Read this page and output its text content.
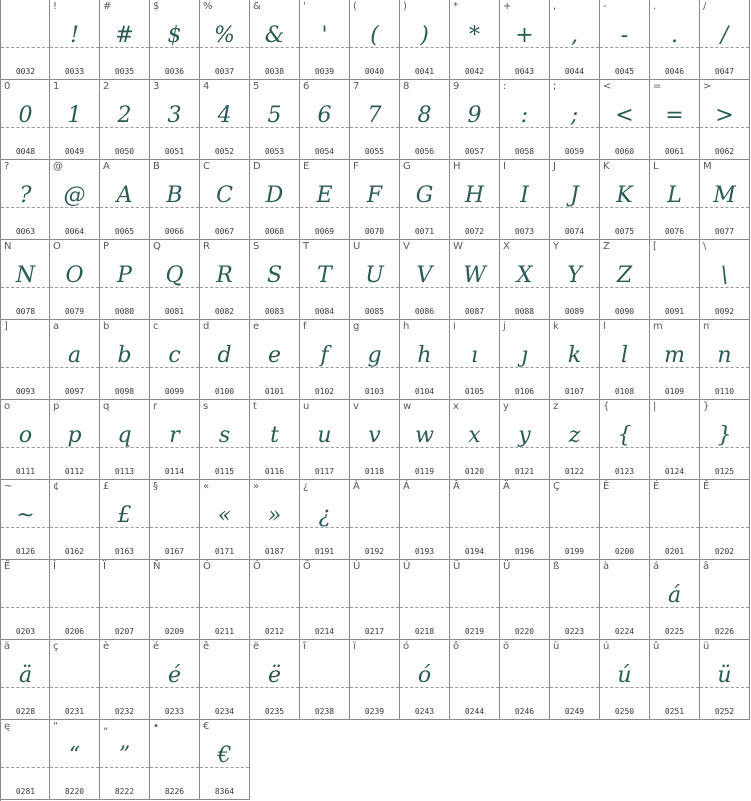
0032
!
!
0033
#
#
0035
$
$
0036
%
%
0037
&
&
0038
'
'
0039
(
(
0040
)
)
0041
*
*
0042
+
+
0043
,
,
0044
-
-
0045
.
.
0046
/
/
0047
0
0
0048
1
1
0049
2
2
0050
3
3
0051
4
4
0052
5
5
0053
6
6
0054
7
7
0055
8
8
0056
9
9
0057
:
:
0058
;
;
0059
<
<
0060
=
=
0061
>
>
0062
?
?
0063
@
@
0064
A
A
0065
B
B
0066
C
C
0067
D
D
0068
E
E
0069
F
F
0070
G
G
0071
H
H
0072
I
I
0073
J
J
0074
K
K
0075
L
L
0076
M
M
0077
N
N
0078
O
O
0079
P
P
0080
Q
Q
0081
R
R
0082
S
S
0083
T
T
0084
U
U
0085
V
V
0086
W
W
0087
X
X
0088
Y
Y
0089
Z
Z
0090
[
0091
\
\
0092
]
0093
a
a
0097
b
b
0098
c
c
0099
d
d
0100
e
e
0101
f
f
0102
g
g
0103
h
h
0104
i
ı
0105
j
ȷ
0106
k
k
0107
l
l
0108
m
m
0109
n
n
0110
o
o
0111
p
p
0112
q
q
0113
r
r
0114
s
s
0115
t
t
0116
u
u
0117
v
v
0118
w
w
0119
x
x
0120
y
y
0121
z
z
0122
{
{
0123
|
0124
}
}
0125
~
~
0126
¢
0162
£
£
0163
§
0167
«
«
0171
»
»
0187
¿
¿
0191
À
0192
Á
0193
Â
0194
Ä
0196
Ç
0199
È
0200
É
0201
Ê
0202
Ë
0203
Î
0206
Ï
0207
Ñ
0209
Ó
0211
Ô
0212
Ö
0214
Ù
0217
Ú
0218
Û
0219
Ü
0220
ß
0223
à
0224
á
á
0225
â
0226
ä
ä
0228
ç
0231
è
0232
é
é
0233
ê
0234
ë
ë
0235
î
0238
ï
0239
ó
ó
0243
ô
0244
ö
0246
ù
0249
ú
ú
0250
û
0251
ü
ü
0252
ę
0281
“
“
8220
„
”
8222
•
8226
€
€
8364
